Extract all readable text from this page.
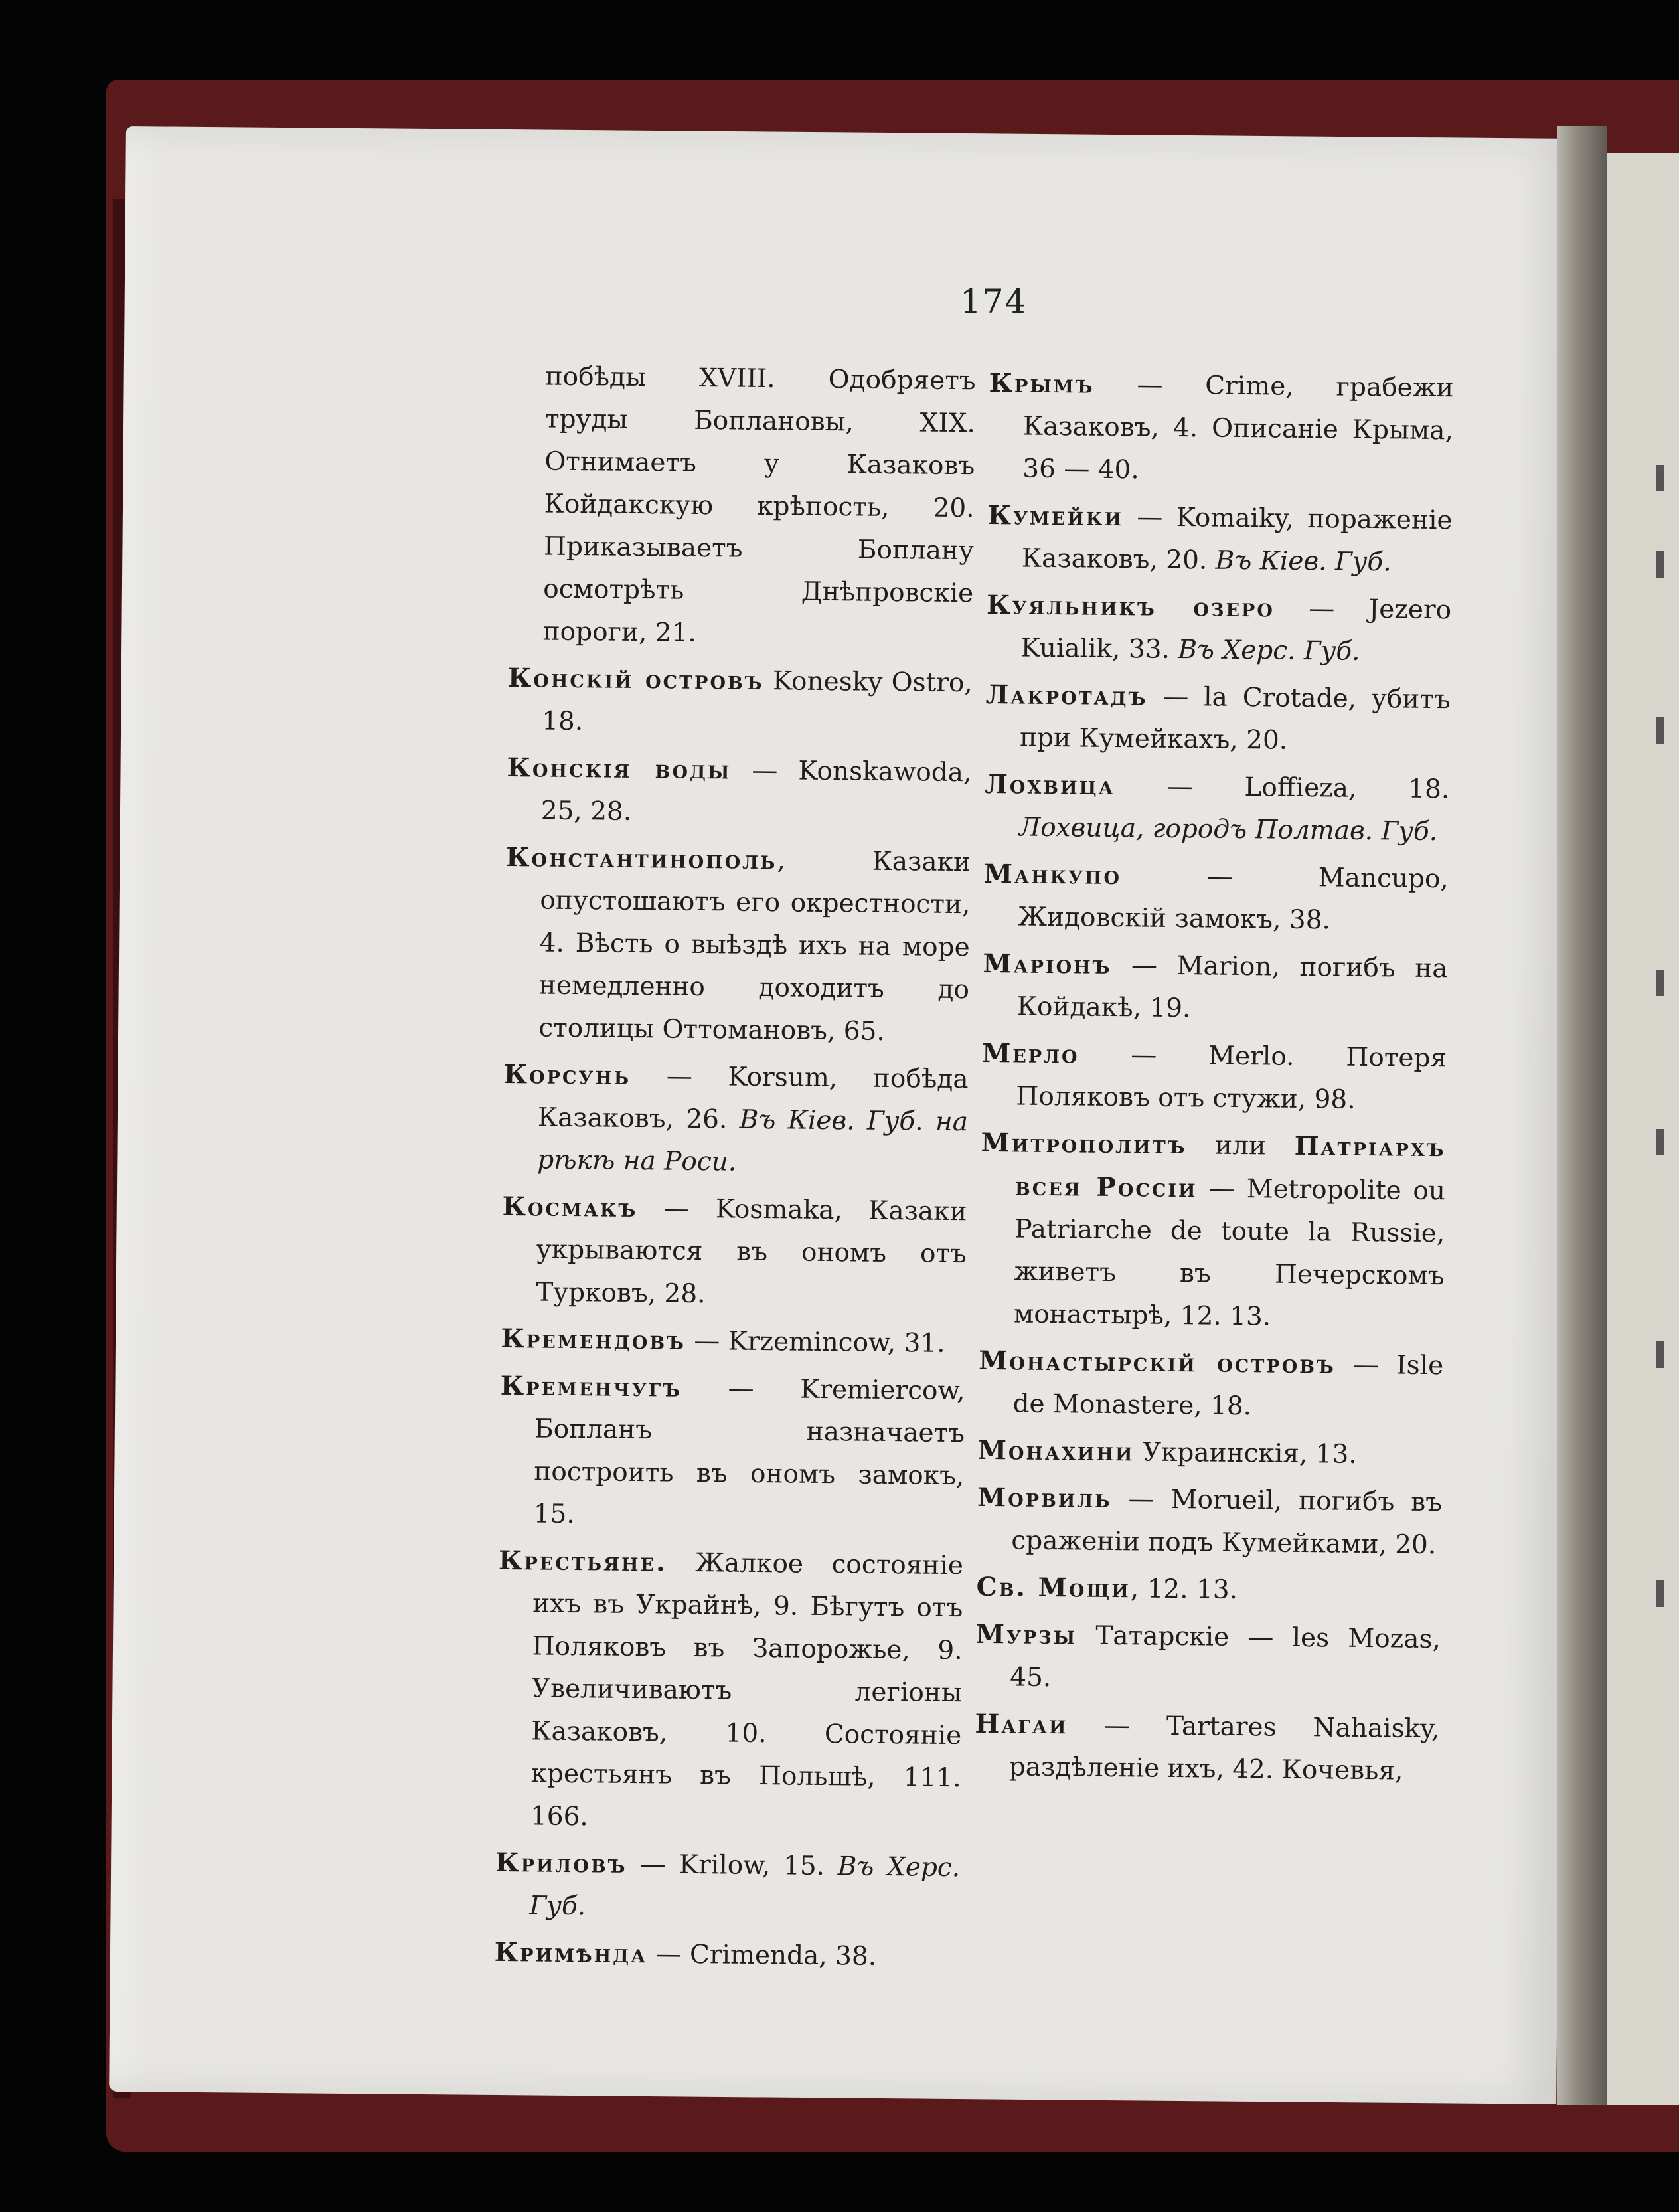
174

побѣды XVIII. Одобряетъ труды Боплановы, XIX. Отнимаетъ у Казаковъ Койдакскую крѣпость, 20. Приказываетъ Боплану осмотрѣть Днѣпровскіе пороги, 21.

Конскій островъ Konesky Ostro, 18.

Конскія воды — Konskawoda, 25, 28.

Константинополь, Казаки опустошаютъ его окрестности, 4. Вѣсть о выѣздѣ ихъ на море немедленно доходитъ до столицы Оттомановъ, 65.

Корсунь — Korsum, побѣда Казаковъ, 26. Въ Кіев. Губ. на рѣкѣ на Роси.

Космакъ — Kosmaka, Казаки укрываются въ ономъ отъ Турковъ, 28.

Кремендовъ — Krzemincow, 31.

Кременчугъ — Kremiercow, Бопланъ назначаетъ построить въ ономъ замокъ, 15.

Крестьяне. Жалкое состояніе ихъ въ Украйнѣ, 9. Бѣгутъ отъ Поляковъ въ Запорожье, 9. Увеличиваютъ легіоны Казаковъ, 10. Состояніе крестьянъ въ Польшѣ, 111. 166.

Криловъ — Krilow, 15. Въ Херс. Губ.

Кримѣнда — Crimenda, 38.

Крымъ — Crime, грабежи Казаковъ, 4. Описаніе Крыма, 36 — 40.

Кумейки — Komaiky, пораженіе Казаковъ, 20. Въ Кіев. Губ.

Куяльникъ озеро — Jezero Kuialik, 33. Въ Херс. Губ.

Лакротадъ — la Crotade, убитъ при Кумейкахъ, 20.

Лохвица — Loffieza, 18. Лохвица, городъ Полтав. Губ.

Манкупо — Mancupo, Жидовскій замокъ, 38.

Маріонъ — Marion, погибъ на Койдакѣ, 19.

Мерло — Merlo. Потеря Поляковъ отъ стужи, 98.

Митрополитъ или Патріархъ всея Россіи — Metropolite ou Patriarche de toute la Russie, живетъ въ Печерскомъ монастырѣ, 12. 13.

Монастырскій островъ — Isle de Monastere, 18.

Монахини Украинскія, 13.

Морвиль — Morueil, погибъ въ сраженіи подъ Кумейками, 20.

Св. Мощи, 12. 13.

Мурзы Татарскіе — les Mozas, 45.

Нагаи — Tartares Nahaisky, раздѣленіе ихъ, 42. Кочевья,
